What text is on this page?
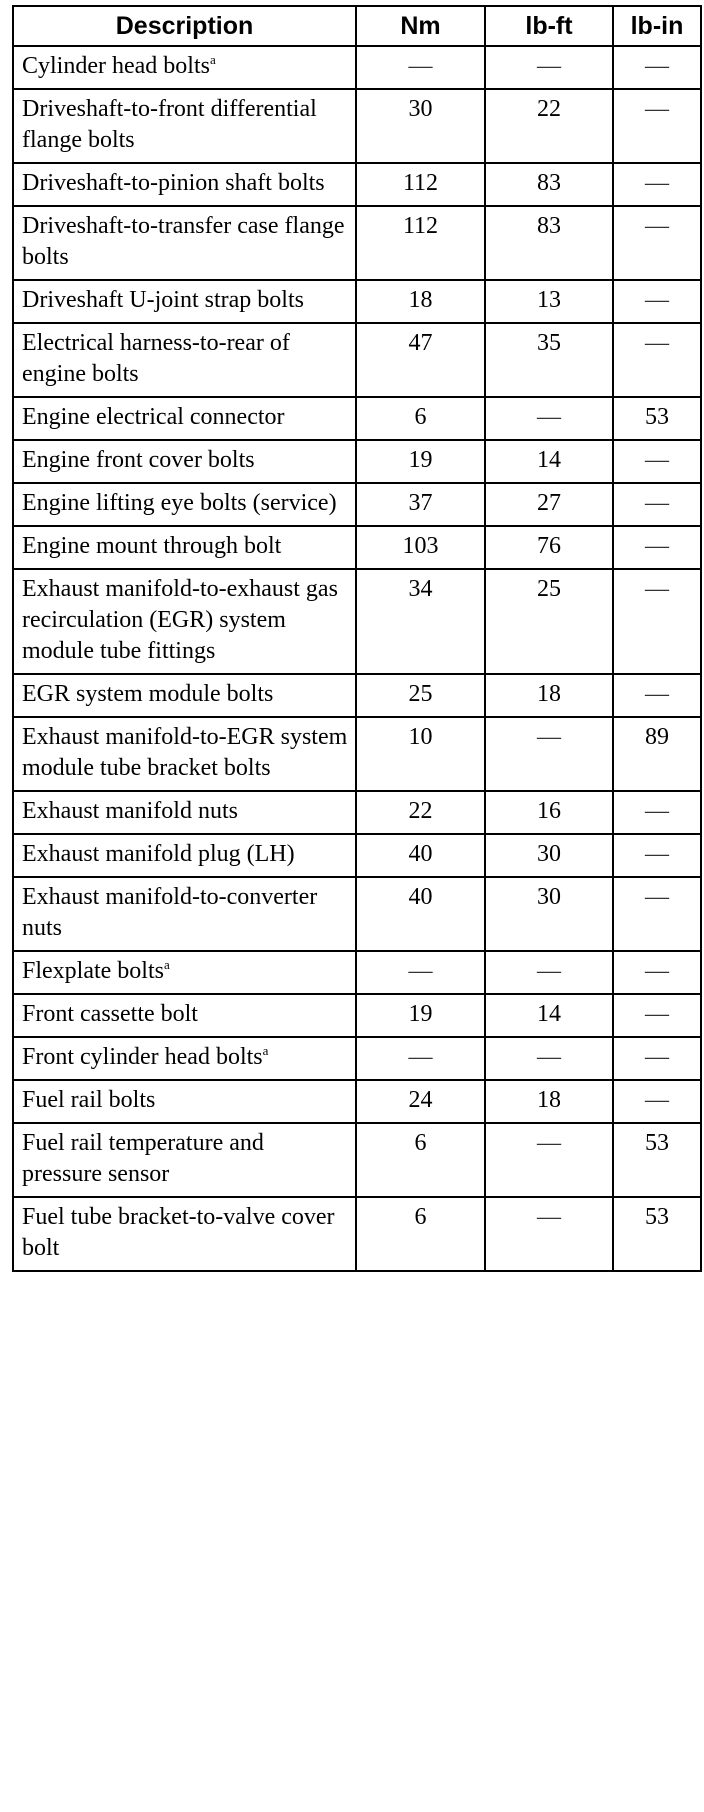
Description	Nm	lb-ft	lb-in
Cylinder head bolts$^a$	—	—	—
Driveshaft-to-front differential flange bolts	30	22	—
Driveshaft-to-pinion shaft bolts	112	83	—
Driveshaft-to-transfer case flange bolts	112	83	—
Driveshaft U-joint strap bolts	18	13	—
Electrical harness-to-rear of engine bolts	47	35	—
Engine electrical connector	6	—	53
Engine front cover bolts	19	14	—
Engine lifting eye bolts (service)	37	27	—
Engine mount through bolt	103	76	—
Exhaust manifold-to-exhaust gas recirculation (EGR) system module tube fittings	34	25	—
EGR system module bolts	25	18	—
Exhaust manifold-to-EGR system module tube bracket bolts	10	—	89
Exhaust manifold nuts	22	16	—
Exhaust manifold plug (LH)	40	30	—
Exhaust manifold-to-converter nuts	40	30	—
Flexplate bolts$^a$	—	—	—
Front cassette bolt	19	14	—
Front cylinder head bolts$^a$	—	—	—
Fuel rail bolts	24	18	—
Fuel rail temperature and pressure sensor	6	—	53
Fuel tube bracket-to-valve cover bolt	6	—	53
